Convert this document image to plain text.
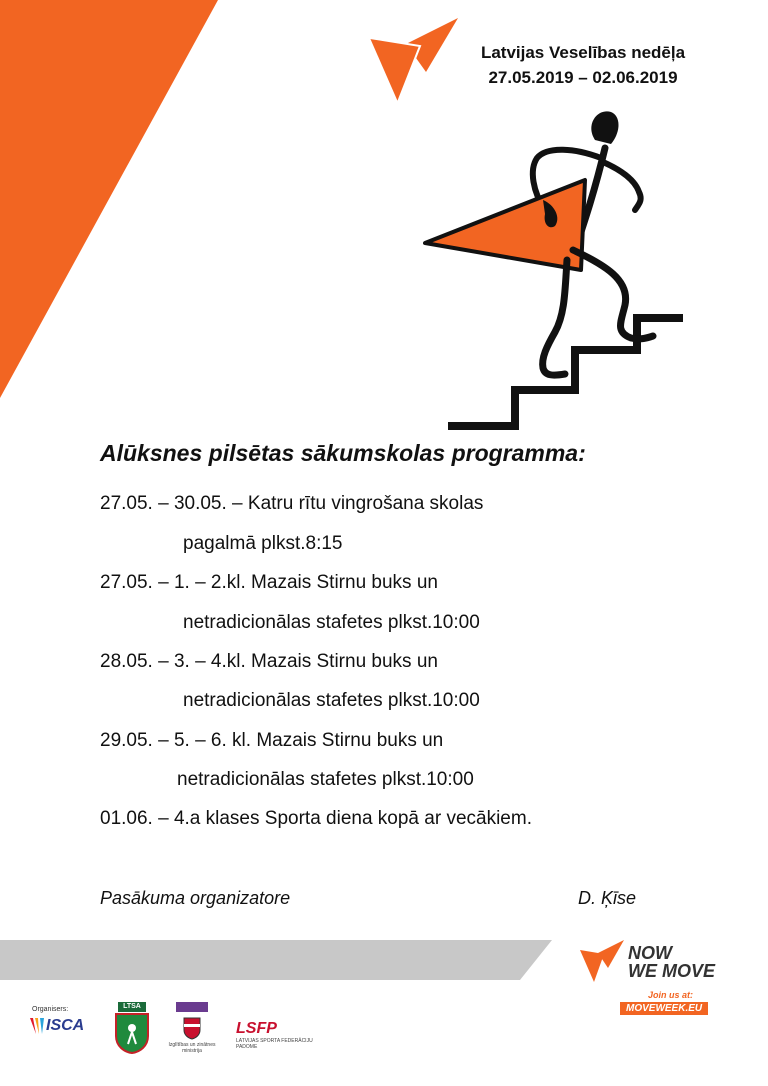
Latvijas Veselības nedēļa
27.05.2019 – 02.06.2019
Alūksnes pilsētas sākumskolas programma:
27.05. – 30.05. – Katru rītu vingrošana skolas
pagalmā plkst.8:15
27.05. – 1. – 2.kl. Mazais Stirnu buks un
netradicionālas stafetes plkst.10:00
28.05. – 3. – 4.kl. Mazais Stirnu buks un
netradicionālas stafetes plkst.10:00
29.05. – 5. – 6. kl. Mazais Stirnu buks un
netradicionālas stafetes plkst.10:00
01.06. – 4.a klases Sporta diena kopā ar vecākiem.
Pasākuma organizatore	D. Ķīse
NOW
WE MOVE
Join us at:
MOVEWEEK.EU
Organisers:
ISCA
LTSA
Izglītības un zinātnes
ministrija
LSFP
LATVIJAS SPORTA FEDERĀCIJU PADOME
